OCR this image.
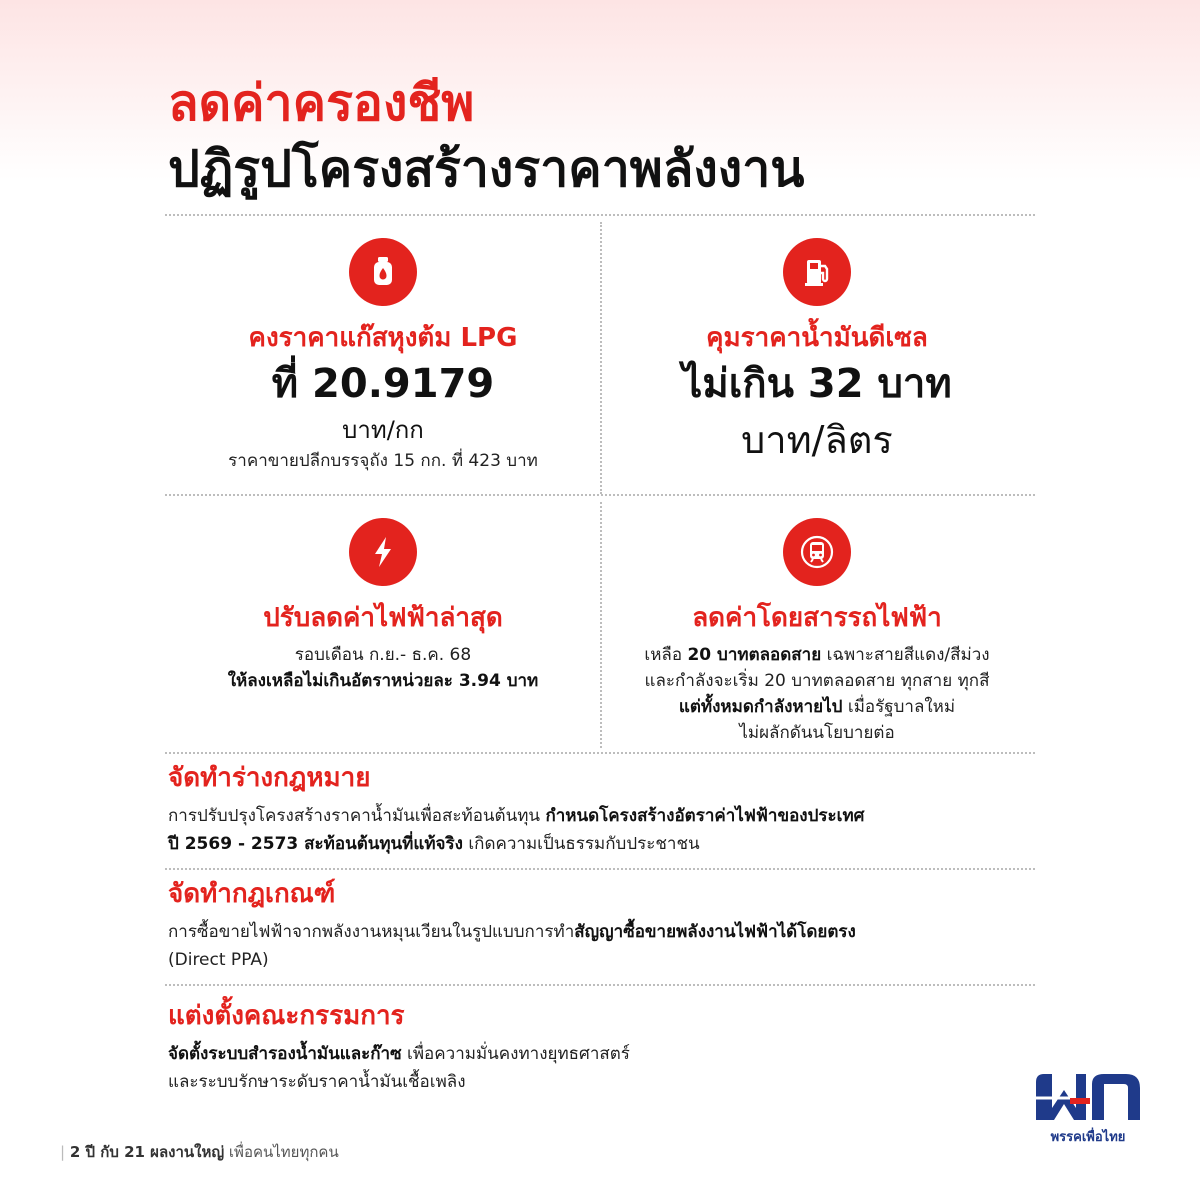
ลดค่าครองชีพ
ปฏิรูปโครงสร้างราคาพลังงาน
คงราคาแก๊สหุงต้ม LPG
ที่ 20.9179
บาท/กก
ราคาขายปลีกบรรจุถัง 15 กก. ที่ 423 บาท
คุมราคาน้ำมันดีเซล
ไม่เกิน 32 บาท
บาท/ลิตร
ปรับลดค่าไฟฟ้าล่าสุด
รอบเดือน ก.ย.- ธ.ค. 68
ให้ลงเหลือไม่เกินอัตราหน่วยละ 3.94 บาท
ลดค่าโดยสารรถไฟฟ้า
เหลือ 20 บาทตลอดสาย เฉพาะสายสีแดง/สีม่วง
และกำลังจะเริ่ม 20 บาทตลอดสาย ทุกสาย ทุกสี
แต่ทั้งหมดกำลังหายไป เมื่อรัฐบาลใหม่
ไม่ผลักดันนโยบายต่อ
จัดทำร่างกฎหมาย
การปรับปรุงโครงสร้างราคาน้ำมันเพื่อสะท้อนต้นทุน กำหนดโครงสร้างอัตราค่าไฟฟ้าของประเทศ
ปี 2569 - 2573 สะท้อนต้นทุนที่แท้จริง เกิดความเป็นธรรมกับประชาชน
จัดทำกฎเกณฑ์
การซื้อขายไฟฟ้าจากพลังงานหมุนเวียนในรูปแบบการทำสัญญาซื้อขายพลังงานไฟฟ้าได้โดยตรง
(Direct PPA)
แต่งตั้งคณะกรรมการ
จัดตั้งระบบสำรองน้ำมันและก๊าซ เพื่อความมั่นคงทางยุทธศาสตร์
และระบบรักษาระดับราคาน้ำมันเชื้อเพลิง
| 2 ปี กับ 21 ผลงานใหญ่ เพื่อคนไทยทุกคน
พรรคเพื่อไทย
